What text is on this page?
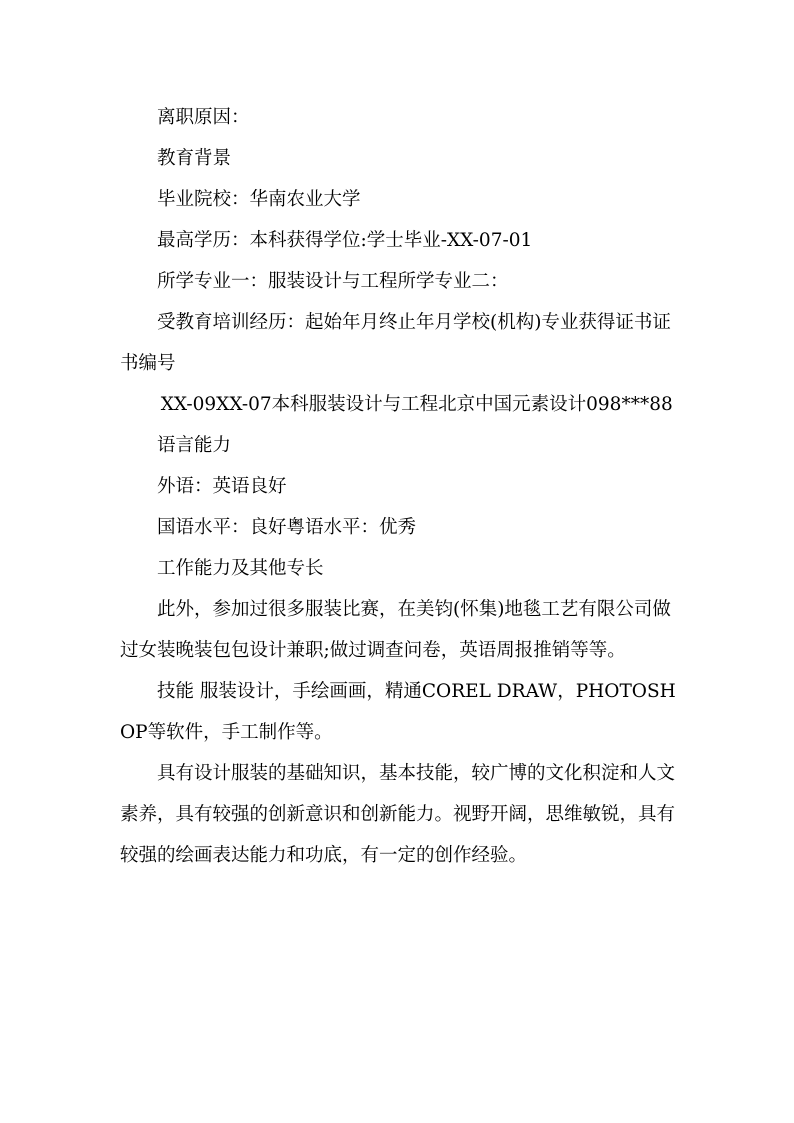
离职原因：

教育背景

毕业院校：华南农业大学

最高学历：本科获得学位:学士毕业-XX-07-01

所学专业一：服装设计与工程所学专业二：

受教育培训经历：起始年月终止年月学校(机构)专业获得证书证书编号

XX-09XX-07本科服装设计与工程北京中国元素设计098***88

语言能力

外语：英语良好

国语水平：良好粤语水平：优秀

工作能力及其他专长

此外，参加过很多服装比赛，在美钧(怀集)地毯工艺有限公司做过女装晚装包包设计兼职;做过调查问卷，英语周报推销等等。

技能 服装设计，手绘画画，精通COREL DRAW，PHOTOSHOP等软件，手工制作等。

具有设计服装的基础知识，基本技能，较广博的文化积淀和人文素养，具有较强的创新意识和创新能力。视野开阔，思维敏锐，具有较强的绘画表达能力和功底，有一定的创作经验。
